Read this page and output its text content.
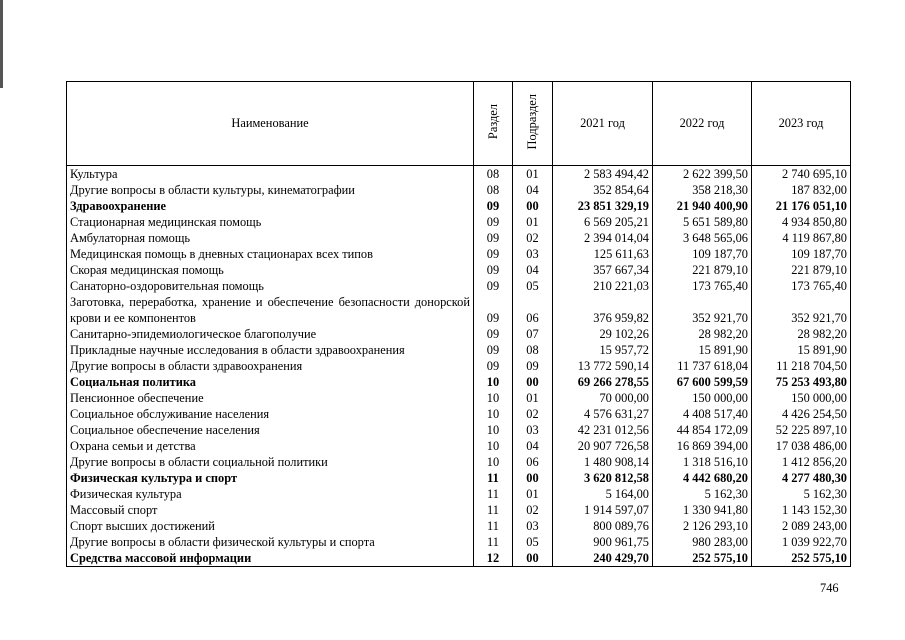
Наименование	Раздел	Подраздел	2021 год	2022 год	2023 год
Культура	08	01	2 583 494,42	2 622 399,50	2 740 695,10
Другие вопросы в области культуры, кинематографии	08	04	352 854,64	358 218,30	187 832,00
Здравоохранение	09	00	23 851 329,19	21 940 400,90	21 176 051,10
Стационарная медицинская помощь	09	01	6 569 205,21	5 651 589,80	4 934 850,80
Амбулаторная помощь	09	02	2 394 014,04	3 648 565,06	4 119 867,80
Медицинская помощь в дневных стационарах всех типов	09	03	125 611,63	109 187,70	109 187,70
Скорая медицинская помощь	09	04	357 667,34	221 879,10	221 879,10
Санаторно-оздоровительная помощь	09	05	210 221,03	173 765,40	173 765,40
Заготовка, переработка, хранение и обеспечение безопасности донорской крови и ее компонентов	09	06	376 959,82	352 921,70	352 921,70
Санитарно-эпидемиологическое благополучие	09	07	29 102,26	28 982,20	28 982,20
Прикладные научные исследования в области здравоохранения	09	08	15 957,72	15 891,90	15 891,90
Другие вопросы в области здравоохранения	09	09	13 772 590,14	11 737 618,04	11 218 704,50
Социальная политика	10	00	69 266 278,55	67 600 599,59	75 253 493,80
Пенсионное обеспечение	10	01	70 000,00	150 000,00	150 000,00
Социальное обслуживание населения	10	02	4 576 631,27	4 408 517,40	4 426 254,50
Социальное обеспечение населения	10	03	42 231 012,56	44 854 172,09	52 225 897,10
Охрана семьи и детства	10	04	20 907 726,58	16 869 394,00	17 038 486,00
Другие вопросы в области социальной политики	10	06	1 480 908,14	1 318 516,10	1 412 856,20
Физическая культура и спорт	11	00	3 620 812,58	4 442 680,20	4 277 480,30
Физическая культура	11	01	5 164,00	5 162,30	5 162,30
Массовый спорт	11	02	1 914 597,07	1 330 941,80	1 143 152,30
Спорт высших достижений	11	03	800 089,76	2 126 293,10	2 089 243,00
Другие вопросы в области физической культуры и спорта	11	05	900 961,75	980 283,00	1 039 922,70
Средства массовой информации	12	00	240 429,70	252 575,10	252 575,10
746
